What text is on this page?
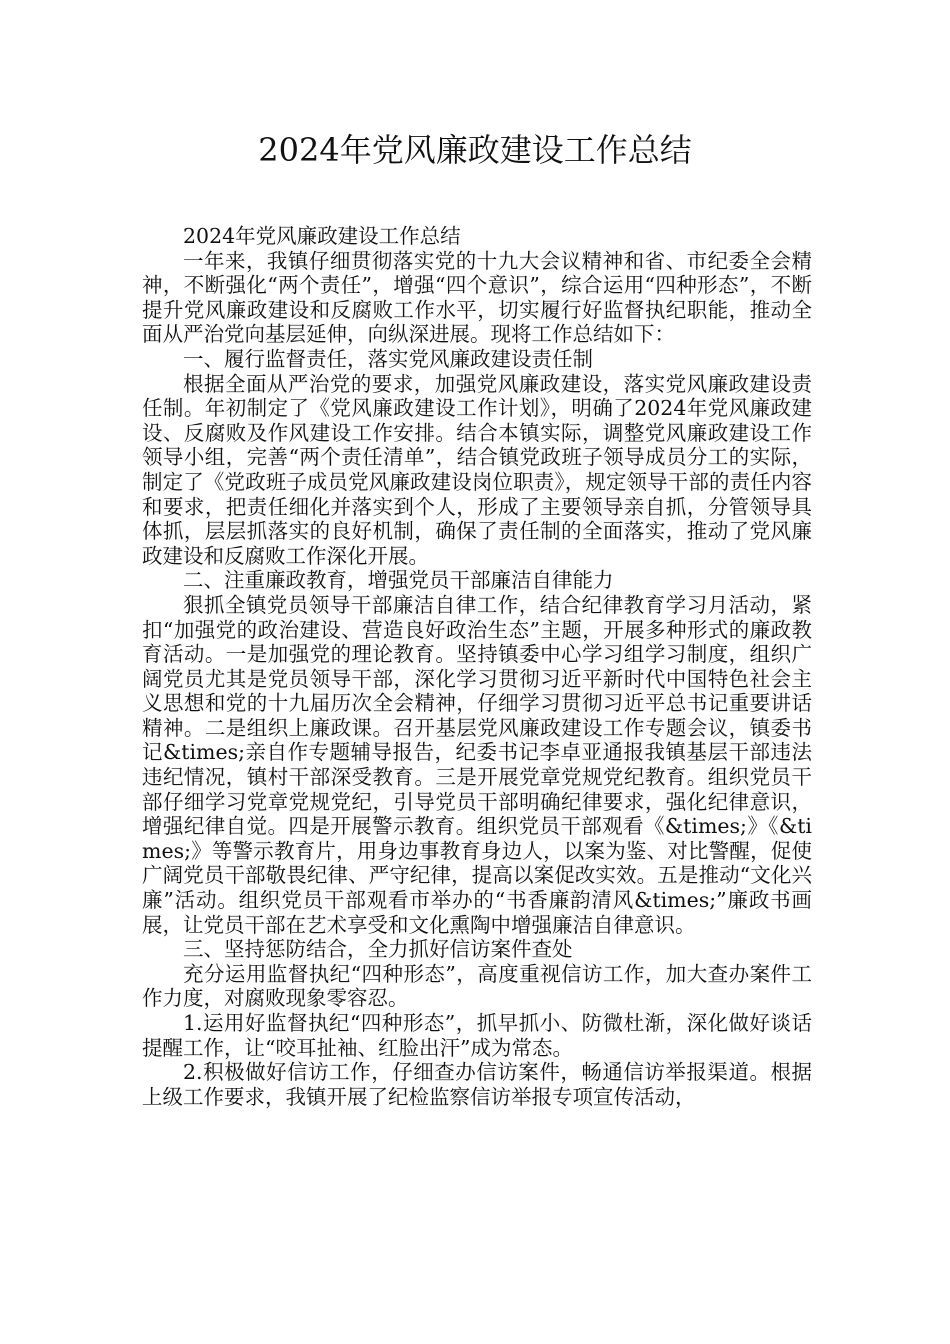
2024年党风廉政建设工作总结

2024年党风廉政建设工作总结

一年来，我镇仔细贯彻落实党的十九大会议精神和省、市纪委全会精神，不断强化“两个责任”，增强“四个意识”，综合运用“四种形态”，不断提升党风廉政建设和反腐败工作水平，切实履行好监督执纪职能，推动全面从严治党向基层延伸，向纵深进展。现将工作总结如下：

一、履行监督责任，落实党风廉政建设责任制

根据全面从严治党的要求，加强党风廉政建设，落实党风廉政建设责任制。年初制定了《党风廉政建设工作计划》，明确了2024年党风廉政建设、反腐败及作风建设工作安排。结合本镇实际，调整党风廉政建设工作领导小组，完善“两个责任清单”，结合镇党政班子领导成员分工的实际，制定了《党政班子成员党风廉政建设岗位职责》，规定领导干部的责任内容和要求，把责任细化并落实到个人，形成了主要领导亲自抓，分管领导具体抓，层层抓落实的良好机制，确保了责任制的全面落实，推动了党风廉政建设和反腐败工作深化开展。

二、注重廉政教育，增强党员干部廉洁自律能力

狠抓全镇党员领导干部廉洁自律工作，结合纪律教育学习月活动，紧扣“加强党的政治建设、营造良好政治生态”主题，开展多种形式的廉政教育活动。一是加强党的理论教育。坚持镇委中心学习组学习制度，组织广阔党员尤其是党员领导干部，深化学习贯彻习近平新时代中国特色社会主义思想和党的十九届历次全会精神，仔细学习贯彻习近平总书记重要讲话精神。二是组织上廉政课。召开基层党风廉政建设工作专题会议，镇委书记&times;亲自作专题辅导报告，纪委书记李卓亚通报我镇基层干部违法违纪情况，镇村干部深受教育。三是开展党章党规党纪教育。组织党员干部仔细学习党章党规党纪，引导党员干部明确纪律要求，强化纪律意识，增强纪律自觉。四是开展警示教育。组织党员干部观看《&times;》《&times;》等警示教育片，用身边事教育身边人，以案为鉴、对比警醒，促使广阔党员干部敬畏纪律、严守纪律，提高以案促改实效。五是推动“文化兴廉”活动。组织党员干部观看市举办的“书香廉韵清风&times;”廉政书画展，让党员干部在艺术享受和文化熏陶中增强廉洁自律意识。

三、坚持惩防结合，全力抓好信访案件查处

充分运用监督执纪“四种形态”，高度重视信访工作，加大查办案件工作力度，对腐败现象零容忍。

1.运用好监督执纪“四种形态”，抓早抓小、防微杜渐，深化做好谈话提醒工作，让“咬耳扯袖、红脸出汗”成为常态。

2.积极做好信访工作，仔细查办信访案件，畅通信访举报渠道。根据上级工作要求，我镇开展了纪检监察信访举报专项宣传活动，
